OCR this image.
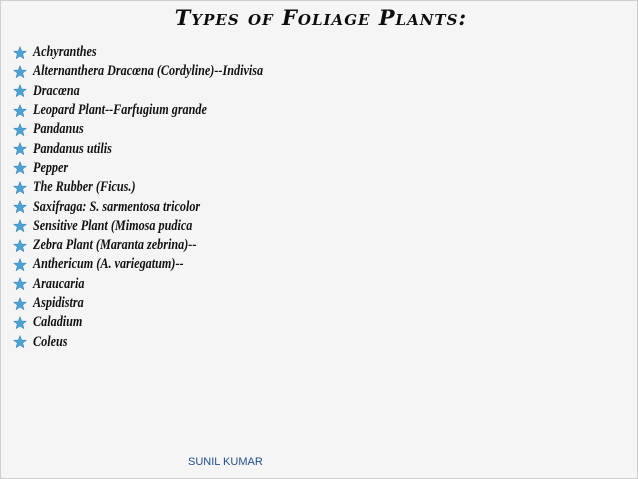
Types of Foliage Plants:
Achyranthes
Alternanthera Dracœna (Cordyline)--Indivisa
Dracœna
Leopard Plant--Farfugium grande
Pandanus
Pandanus utilis
Pepper
The Rubber (Ficus.)
Saxifraga: S. sarmentosa tricolor
Sensitive Plant (Mimosa pudica
Zebra Plant (Maranta zebrina)--
Anthericum (A. variegatum)--
Araucaria
Aspidistra
Caladium
Coleus
SUNIL KUMAR
